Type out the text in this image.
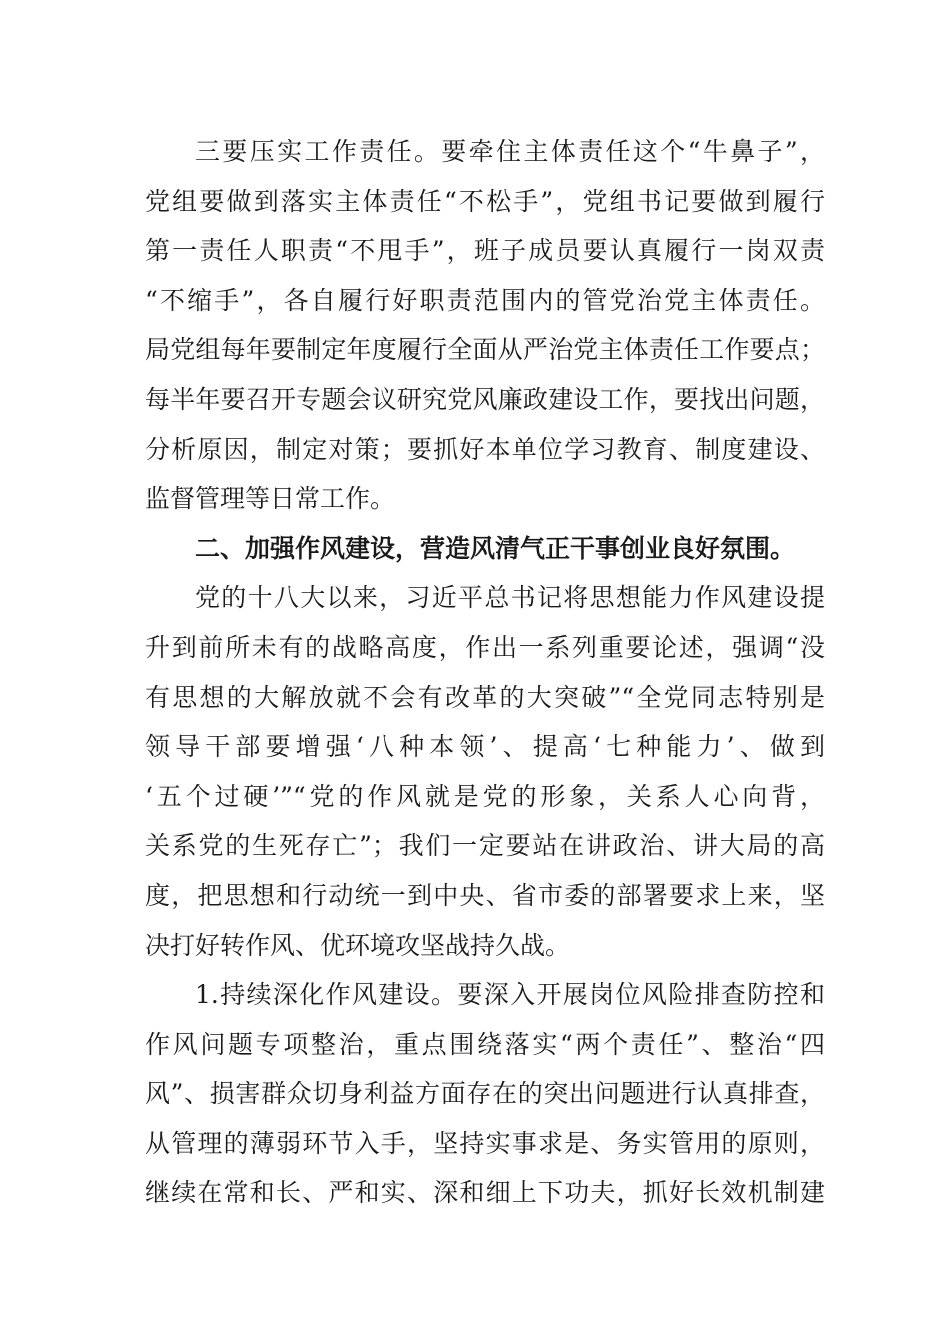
三要压实工作责任。要牵住主体责任这个“牛鼻子”，
党组要做到落实主体责任“不松手”，党组书记要做到履行
第一责任人职责“不甩手”，班子成员要认真履行一岗双责
“不缩手”，各自履行好职责范围内的管党治党主体责任。
局党组每年要制定年度履行全面从严治党主体责任工作要点；
每半年要召开专题会议研究党风廉政建设工作，要找出问题，
分析原因，制定对策；要抓好本单位学习教育、制度建设、
监督管理等日常工作。
二、加强作风建设，营造风清气正干事创业良好氛围。
党的十八大以来，习近平总书记将思想能力作风建设提
升到前所未有的战略高度，作出一系列重要论述，强调“没
有思想的大解放就不会有改革的大突破”“全党同志特别是
领导干部要增强‘八种本领’、提高‘七种能力’、做到
‘五个过硬’”“党的作风就是党的形象，关系人心向背，
关系党的生死存亡”；我们一定要站在讲政治、讲大局的高
度，把思想和行动统一到中央、省市委的部署要求上来，坚
决打好转作风、优环境攻坚战持久战。
1.持续深化作风建设。要深入开展岗位风险排查防控和
作风问题专项整治，重点围绕落实“两个责任”、整治“四
风”、损害群众切身利益方面存在的突出问题进行认真排查，
从管理的薄弱环节入手，坚持实事求是、务实管用的原则，
继续在常和长、严和实、深和细上下功夫，抓好长效机制建
